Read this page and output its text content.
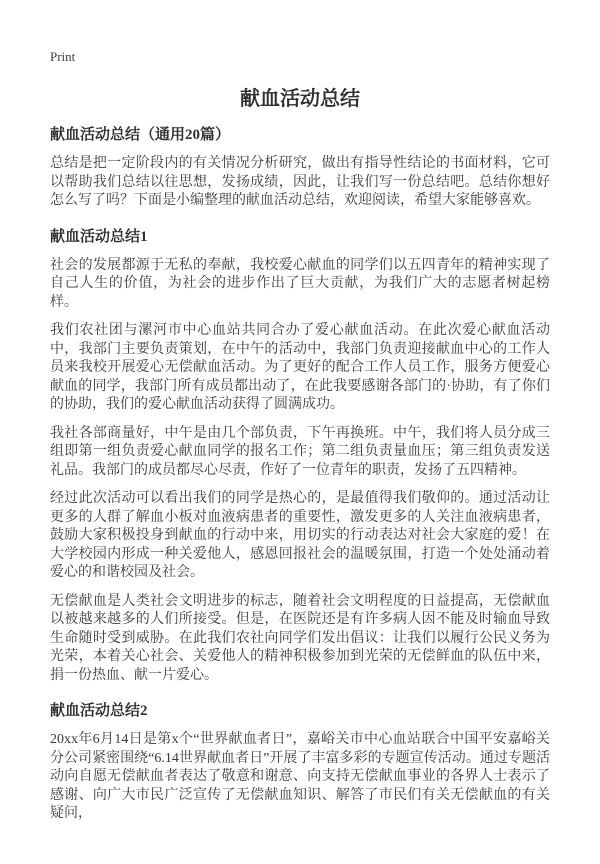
Print
献血活动总结
献血活动总结（通用20篇）

总结是把一定阶段内的有关情况分析研究，做出有指导性结论的书面材料，它可以帮助我们总结以往思想，发扬成绩，因此，让我们写一份总结吧。总结你想好怎么写了吗？下面是小编整理的献血活动总结，欢迎阅读，希望大家能够喜欢。

献血活动总结1

社会的发展都源于无私的奉献，我校爱心献血的同学们以五四青年的精神实现了自己人生的价值，为社会的进步作出了巨大贡献，为我们广大的志愿者树起榜样。

我们农社团与漯河市中心血站共同合办了爱心献血活动。在此次爱心献血活动中，我部门主要负责策划，在中午的活动中，我部门负责迎接献血中心的工作人员来我校开展爱心无偿献血活动。为了更好的配合工作人员工作，服务方便爱心献血的同学，我部门所有成员都出动了，在此我要感谢各部门的·协助，有了你们的协助，我们的爱心献血活动获得了圆满成功。

我社各部商量好，中午是由几个部负责，下午再换班。中午，我们将人员分成三组即第一组负责爱心献血同学的报名工作；第二组负责量血压；第三组负责发送礼品。我部门的成员都尽心尽责，作好了一位青年的职责，发扬了五四精神。

经过此次活动可以看出我们的同学是热心的，是最值得我们敬仰的。通过活动让更多的人群了解血小板对血液病患者的重要性，激发更多的人关注血液病患者，鼓励大家积极投身到献血的行动中来，用切实的行动表达对社会大家庭的爱！在大学校园内形成一种关爱他人，感恩回报社会的温暖氛围，打造一个处处涌动着爱心的和谐校园及社会。

无偿献血是人类社会文明进步的标志，随着社会文明程度的日益提高，无偿献血以被越来越多的人们所接受。但是，在医院还是有许多病人因不能及时输血导致生命随时受到威胁。在此我们农社向同学们发出倡议：让我们以履行公民义务为光荣，本着关心社会、关爱他人的精神积极参加到光荣的无偿鲜血的队伍中来，捐一份热血、献一片爱心。

献血活动总结2

20xx年6月14日是第x个“世界献血者日”，嘉峪关市中心血站联合中国平安嘉峪关分公司紧密围绕“6.14世界献血者日”开展了丰富多彩的专题宣传活动。通过专题活动向自愿无偿献血者表达了敬意和谢意、向支持无偿献血事业的各界人士表示了感谢、向广大市民广泛宣传了无偿献血知识、解答了市民们有关无偿献血的有关疑问，
